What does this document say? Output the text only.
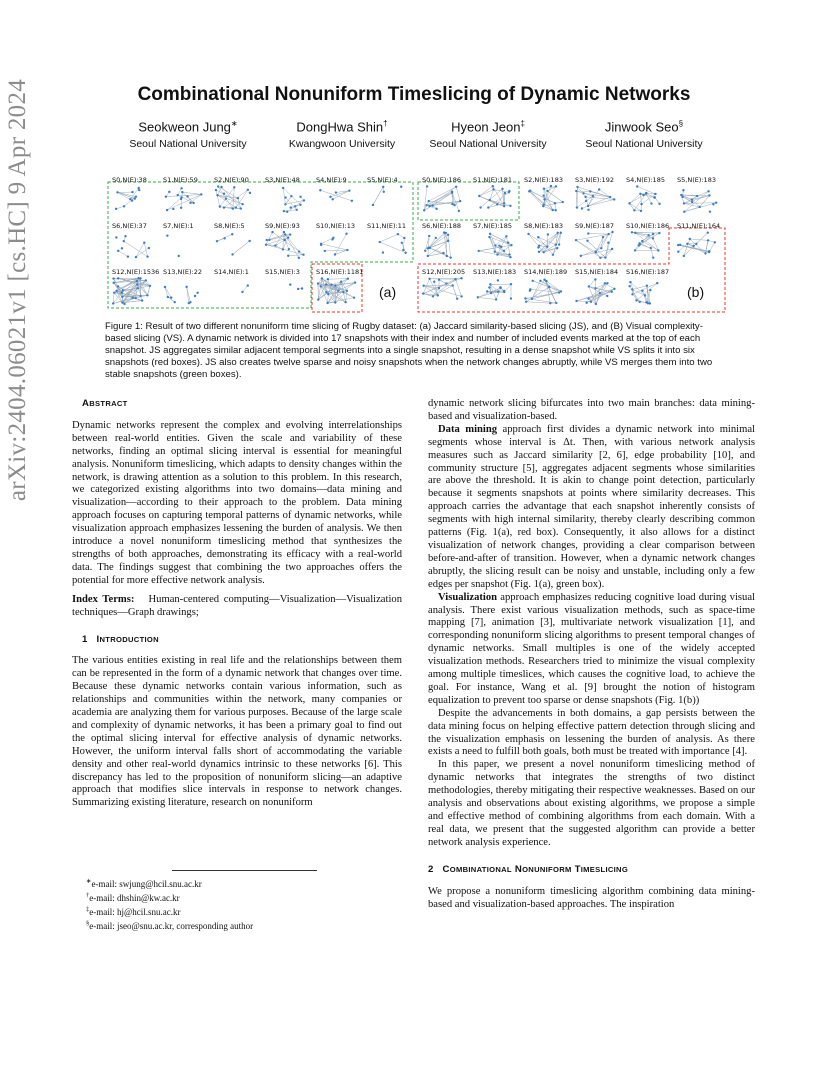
arXiv:2404.06021v1 [cs.HC] 9 Apr 2024	Combinational Nonuniform Timeslicing of Dynamic Networks
Seokweon Jung∗
Seoul National University
DongHwa Shin†
Kwangwoon University
Hyeon Jeon‡
Seoul National University
Jinwook Seo§
Seoul National University
S0,N(E):38 S1,N(E):59 S2,N(E):90 S3,N(E):48 S4,N(E):9	S5,N(E):4
S6,N(E):37 S7,N(E):1	S8,N(E):5	S9,N(E):93 S10,N(E):13 S11,N(E):11
S12,N(E):1536 S13,N(E):22 S14,N(E):1 S15,N(E):3 S16,N(E):1181
S0,N(E):186 S1,N(E):181 S2,N(E):183 S3,N(E):192 S4,N(E):185 S5,N(E):183
S6,N(E):188 S7,N(E):185 S8,N(E):183 S9,N(E):187 S10,N(E):186 S11,N(E):164
S12,N(E):205 S13,N(E):183 S14,N(E):189 S15,N(E):184 S16,N(E):187
(a)	(b)
Figure 1: Result of two different nonuniform time slicing of Rugby dataset: (a) Jaccard similarity-based slicing (JS), and (B) Visual complexity-based slicing (VS). A dynamic network is divided into 17 snapshots with their index and number of included events marked at the top of each snapshot. JS aggregates similar adjacent temporal segments into a single snapshot, resulting in a dense snapshot while VS splits it into six snapshots (red boxes). JS also creates twelve sparse and noisy snapshots when the network changes abruptly, while VS merges them into two stable snapshots (green boxes).

ABSTRACT

Dynamic networks represent the complex and evolving interrelationships between real-world entities. Given the scale and variability of these networks, finding an optimal slicing interval is essential for meaningful analysis. Nonuniform timeslicing, which adapts to density changes within the network, is drawing attention as a solution to this problem. In this research, we categorized existing algorithms into two domains—data mining and visualization—according to their approach to the problem. Data mining approach focuses on capturing temporal patterns of dynamic networks, while visualization approach emphasizes lessening the burden of analysis. We then introduce a novel nonuniform timeslicing method that synthesizes the strengths of both approaches, demonstrating its efficacy with a real-world data. The findings suggest that combining the two approaches offers the potential for more effective network analysis.

Index Terms: Human-centered computing—Visualization—Visualization techniques—Graph drawings;

1 INTRODUCTION

The various entities existing in real life and the relationships between them can be represented in the form of a dynamic network that changes over time. Because these dynamic networks contain various information, such as relationships and communities within the network, many companies or academia are analyzing them for various purposes. Because of the large scale and complexity of dynamic networks, it has been a primary goal to find out the optimal slicing interval for effective analysis of dynamic networks. However, the uniform interval falls short of accommodating the variable density and other real-world dynamics intrinsic to these networks [6]. This discrepancy has led to the proposition of nonuniform slicing—an adaptive approach that modifies slice intervals in response to network changes. Summarizing existing literature, research on nonuniform

∗e-mail: swjung@hcil.snu.ac.kr
†e-mail: dhshin@kw.ac.kr
‡e-mail: hj@hcil.snu.ac.kr
§e-mail: jseo@snu.ac.kr, corresponding author

dynamic network slicing bifurcates into two main branches: data mining-based and visualization-based.

Data mining approach first divides a dynamic network into minimal segments whose interval is Δt. Then, with various network analysis measures such as Jaccard similarity [2, 6], edge probability [10], and community structure [5], aggregates adjacent segments whose similarities are above the threshold. It is akin to change point detection, particularly because it segments snapshots at points where similarity decreases. This approach carries the advantage that each snapshot inherently consists of segments with high internal similarity, thereby clearly describing common patterns (Fig. 1(a), red box). Consequently, it also allows for a distinct visualization of network changes, providing a clear comparison between before-and-after of transition. However, when a dynamic network changes abruptly, the slicing result can be noisy and unstable, including only a few edges per snapshot (Fig. 1(a), green box).

Visualization approach emphasizes reducing cognitive load during visual analysis. There exist various visualization methods, such as space-time mapping [7], animation [3], multivariate network visualization [1], and corresponding nonuniform slicing algorithms to present temporal changes of dynamic networks. Small multiples is one of the widely accepted visualization methods. Researchers tried to minimize the visual complexity among multiple timeslices, which causes the cognitive load, to achieve the goal. For instance, Wang et al. [9] brought the notion of histogram equalization to prevent too sparse or dense snapshots (Fig. 1(b))

Despite the advancements in both domains, a gap persists between the data mining focus on helping effective pattern detection through slicing and the visualization emphasis on lessening the burden of analysis. As there exists a need to fulfill both goals, both must be treated with importance [4].

In this paper, we present a novel nonuniform timeslicing method of dynamic networks that integrates the strengths of two distinct methodologies, thereby mitigating their respective weaknesses. Based on our analysis and observations about existing algorithms, we propose a simple and effective method of combining algorithms from each domain. With a real data, we present that the suggested algorithm can provide a better network analysis experience.

2 COMBINATIONAL NONUNIFORM TIMESLICING

We propose a nonuniform timeslicing algorithm combining data mining-based and visualization-based approaches. The inspiration
